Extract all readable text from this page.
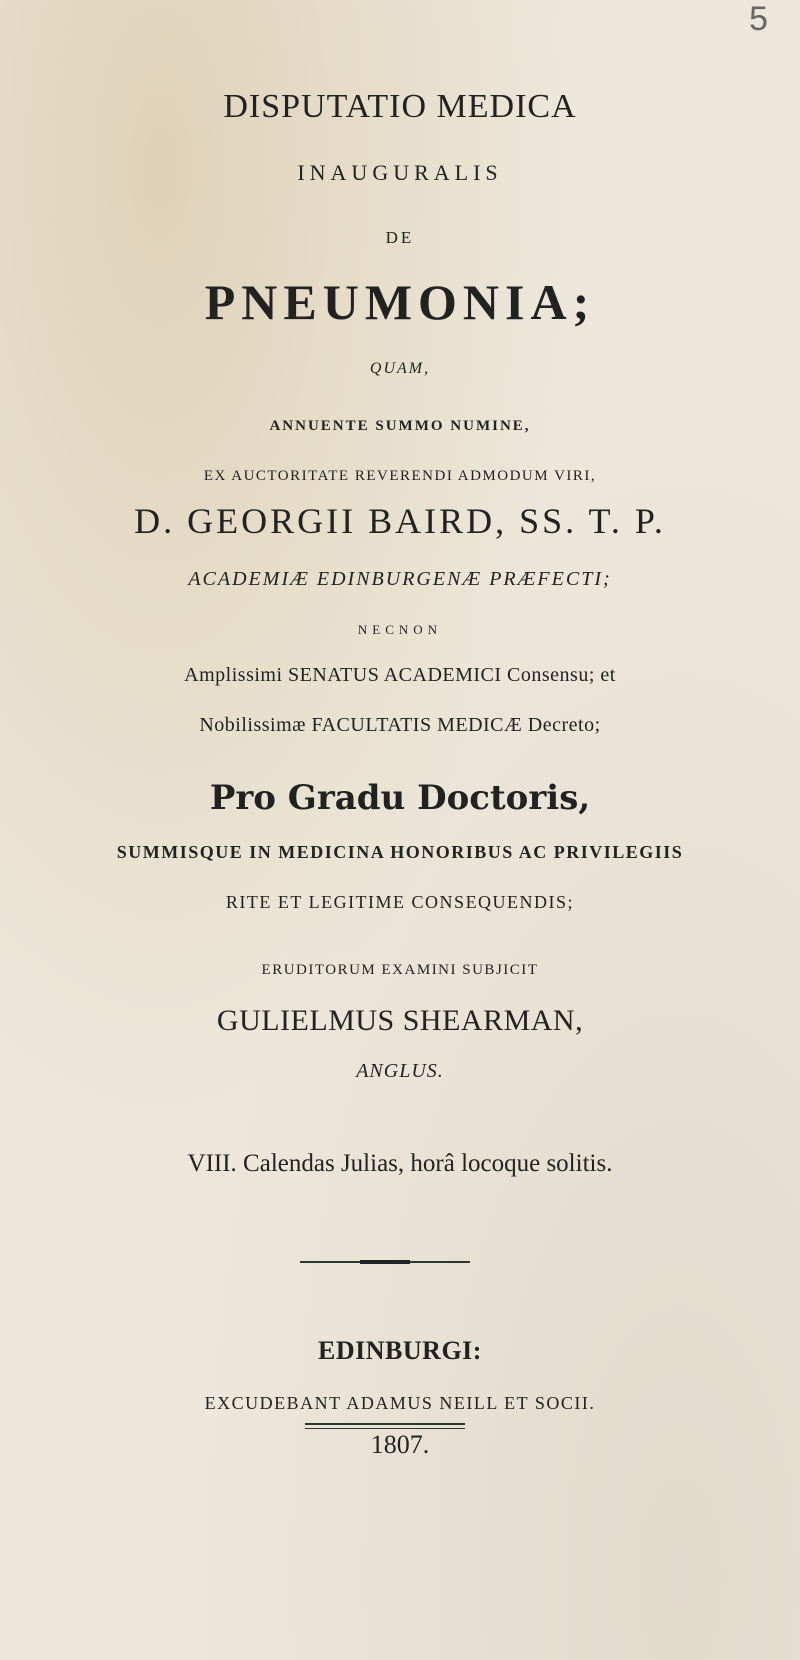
5

DISPUTATIO MEDICA

INAUGURALIS

DE

PNEUMONIA;

QUAM,

ANNUENTE SUMMO NUMINE,

EX AUCTORITATE REVERENDI ADMODUM VIRI,

D. GEORGII BAIRD, SS. T. P.

ACADEMIÆ EDINBURGENÆ PRÆFECTI;

NECNON

Amplissimi SENATUS ACADEMICI Consensu; et

Nobilissimæ FACULTATIS MEDICÆ Decreto;

Pro Gradu Doctoris,

SUMMISQUE IN MEDICINA HONORIBUS AC PRIVILEGIIS

RITE ET LEGITIME CONSEQUENDIS;

ERUDITORUM EXAMINI SUBJICIT

GULIELMUS SHEARMAN,

ANGLUS.

VIII. Calendas Julias, horâ locoque solitis.

EDINBURGI:

EXCUDEBANT ADAMUS NEILL ET SOCII.

1807.
